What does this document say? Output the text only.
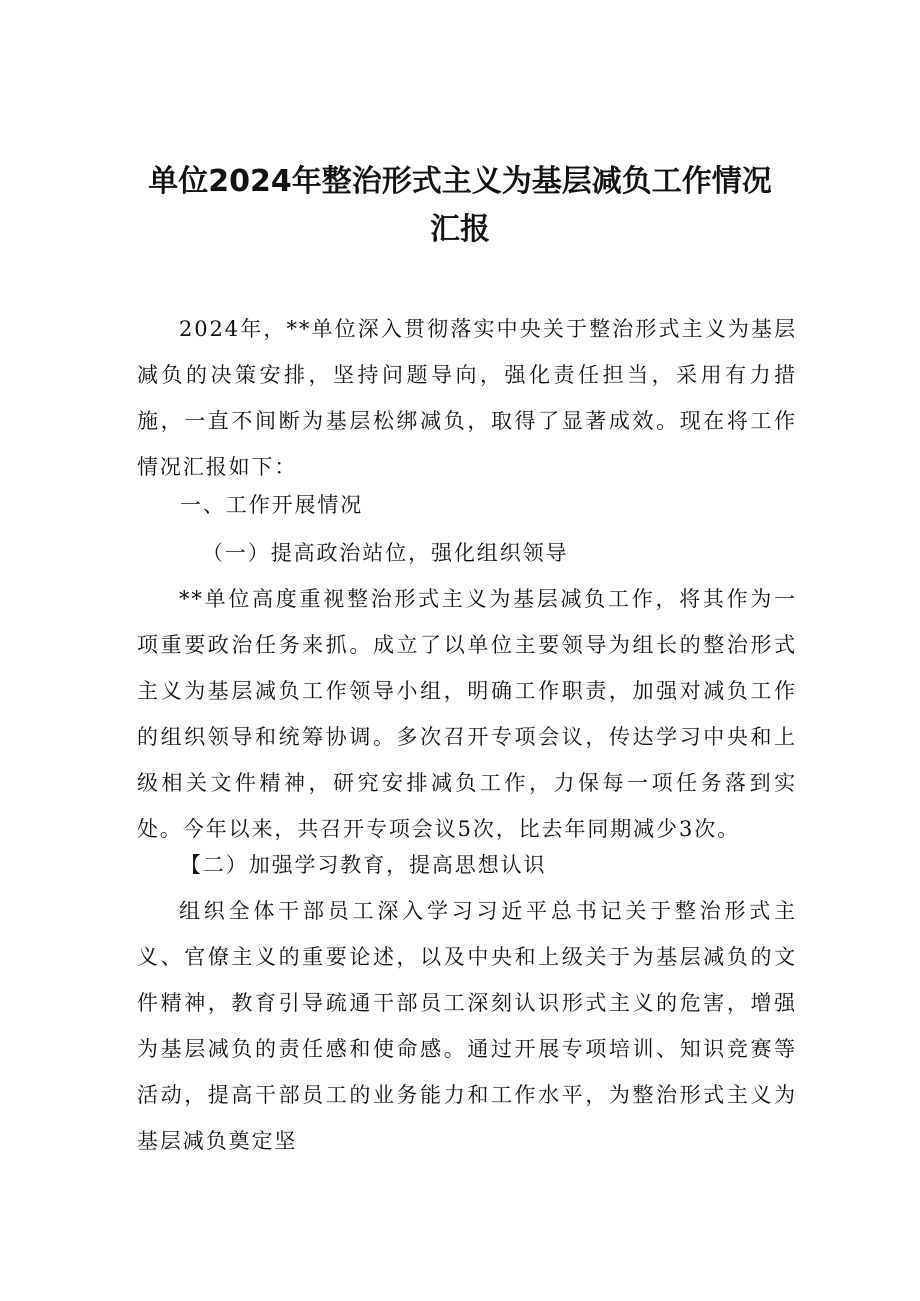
单位2024年整治形式主义为基层减负工作情况
汇报

2024年，**单位深入贯彻落实中央关于整治形式主义为基层减负的决策安排，坚持问题导向，强化责任担当，采用有力措施，一直不间断为基层松绑减负，取得了显著成效。现在将工作情况汇报如下：

一、工作开展情况

（一）提高政治站位，强化组织领导

**单位高度重视整治形式主义为基层减负工作，将其作为一项重要政治任务来抓。成立了以单位主要领导为组长的整治形式主义为基层减负工作领导小组，明确工作职责，加强对减负工作的组织领导和统筹协调。多次召开专项会议，传达学习中央和上级相关文件精神，研究安排减负工作，力保每一项任务落到实处。今年以来，共召开专项会议5次，比去年同期减少3次。

【二）加强学习教育，提高思想认识

组织全体干部员工深入学习习近平总书记关于整治形式主义、官僚主义的重要论述，以及中央和上级关于为基层减负的文件精神，教育引导疏通干部员工深刻认识形式主义的危害，增强为基层减负的责任感和使命感。通过开展专项培训、知识竞赛等活动，提高干部员工的业务能力和工作水平，为整治形式主义为基层减负奠定坚
